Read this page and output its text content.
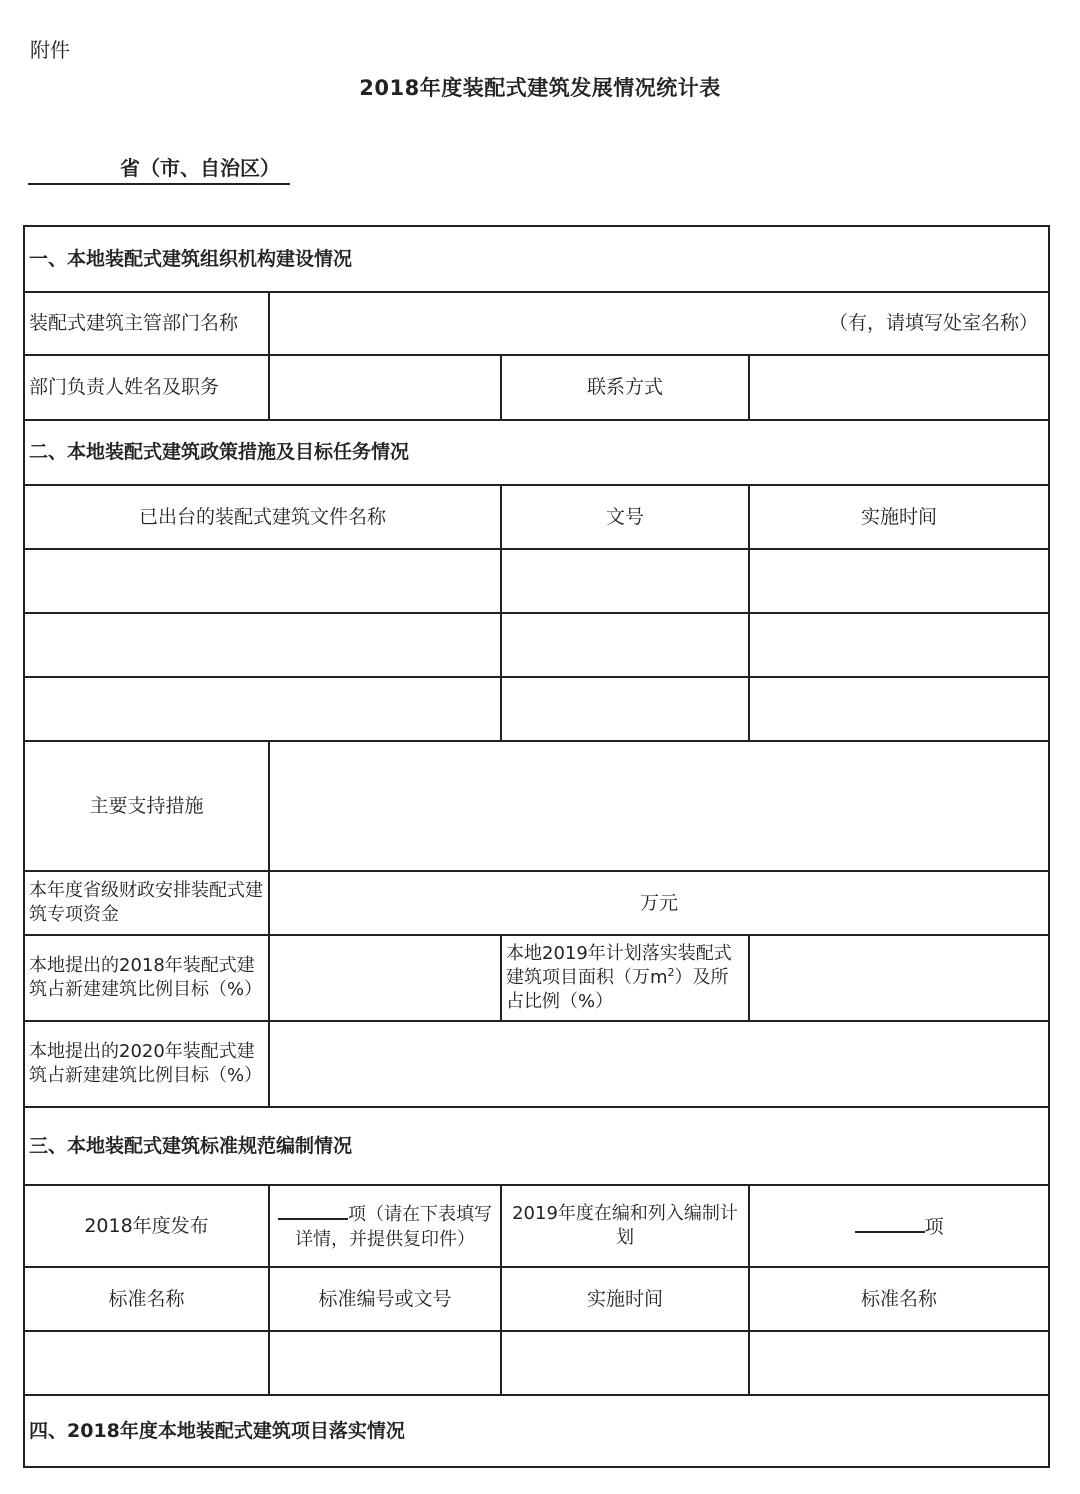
附件
2018年度装配式建筑发展情况统计表
省（市、自治区）
一、本地装配式建筑组织机构建设情况			
装配式建筑主管部门名称	（有，请填写处室名称）		
部门负责人姓名及职务		联系方式	
二、本地装配式建筑政策措施及目标任务情况			
已出台的装配式建筑文件名称		文号	实施时间

主要支持措施			
本年度省级财政安排装配式建筑专项资金	万元		
本地提出的2018年装配式建筑占新建建筑比例目标（%）		本地2019年计划落实装配式建筑项目面积（万$m^2$）及所占比例（%）	
本地提出的2020年装配式建筑占新建建筑比例目标（%）			
三、本地装配式建筑标准规范编制情况			
2018年度发布	项（请在下表填写详情，并提供复印件）	2019年度在编和列入编制计划	项
标准名称	标准编号或文号	实施时间	标准名称

四、2018年度本地装配式建筑项目落实情况			
